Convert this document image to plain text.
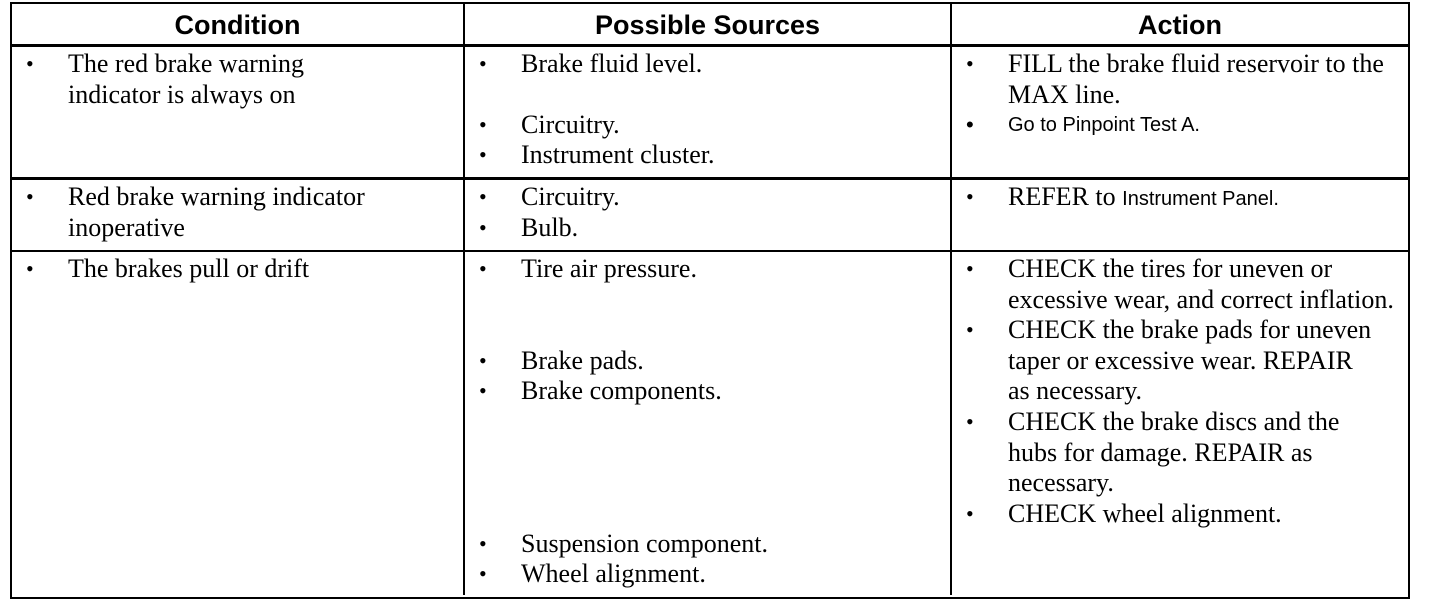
Condition	Possible Sources	Action
• The red brake warning indicator is always on
• Brake fluid level.
• Circuitry.
• Instrument cluster.
• FILL the brake fluid reservoir to the MAX line.
• Go to Pinpoint Test A.
• Red brake warning indicator inoperative
• Circuitry.
• Bulb.
• REFER to Instrument Panel.
• The brakes pull or drift
•	Tire air pressure.
• Brake pads.
• Brake components.
• Suspension component.
• Wheel alignment.
• CHECK the tires for uneven or excessive wear, and correct inflation.
• CHECK the brake pads for uneven taper or excessive wear. REPAIR as necessary.
• CHECK the brake discs and the hubs for damage. REPAIR as necessary.
• CHECK wheel alignment.
